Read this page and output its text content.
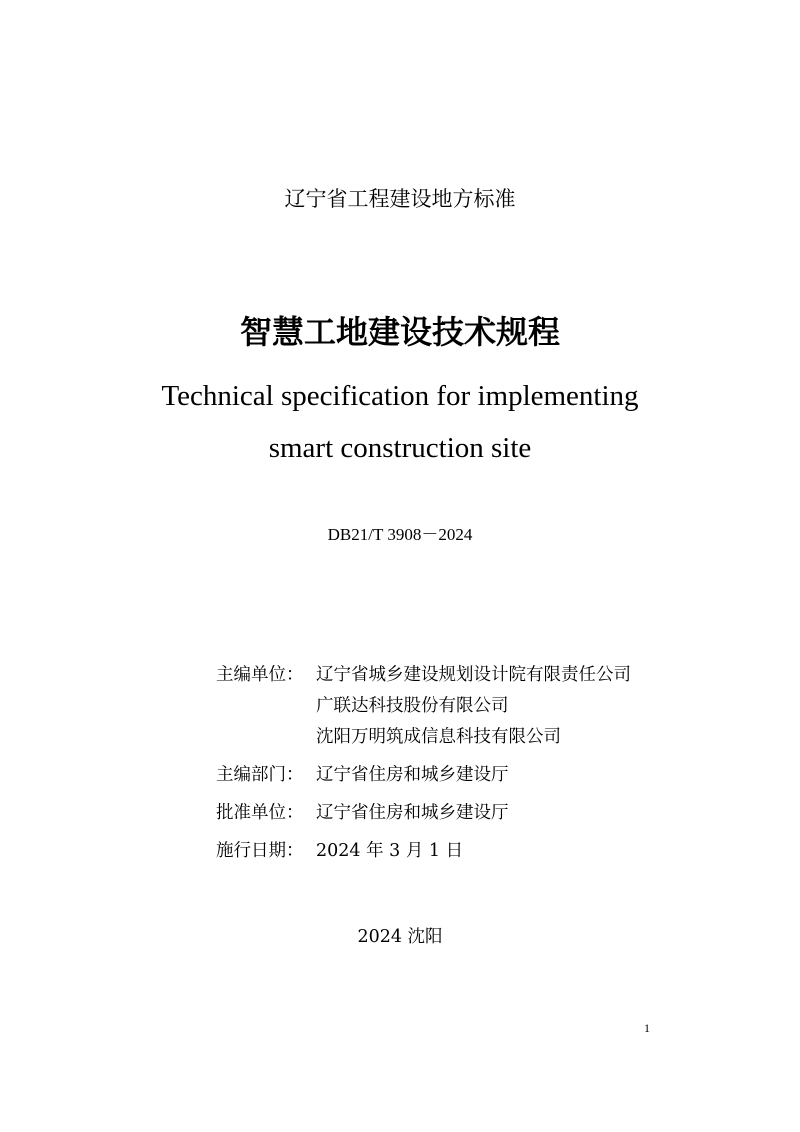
辽宁省工程建设地方标准
智慧工地建设技术规程
Technical specification for implementing
smart construction site
DB21/T 3908－2024
主编单位： 辽宁省城乡建设规划设计院有限责任公司
广联达科技股份有限公司
沈阳万明筑成信息科技有限公司
主编部门： 辽宁省住房和城乡建设厅
批准单位： 辽宁省住房和城乡建设厅
施行日期： 2024 年 3 月 1 日
2024 沈阳
1
